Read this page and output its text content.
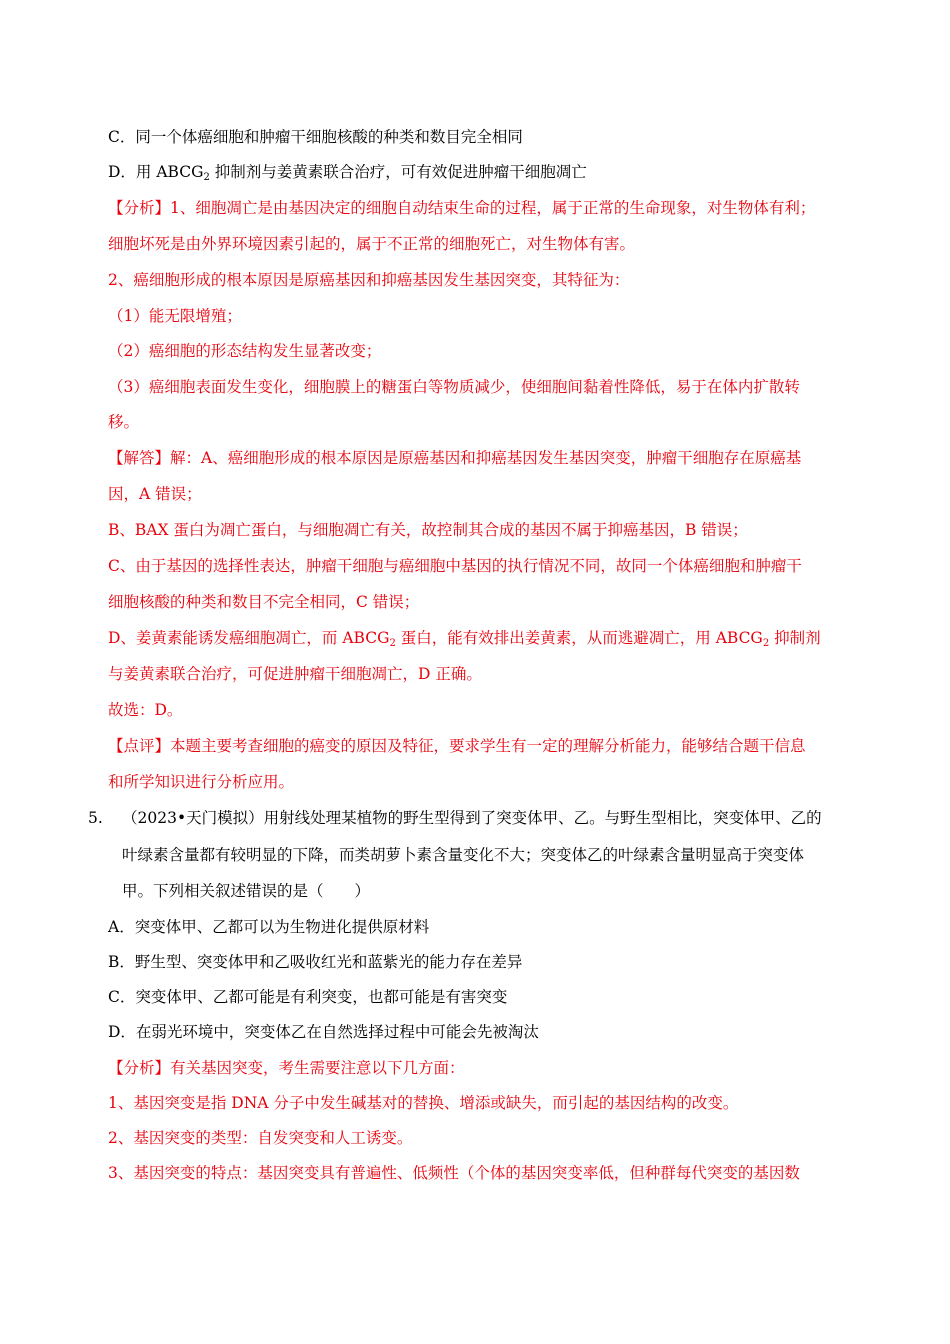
C．同一个体癌细胞和肿瘤干细胞核酸的种类和数目完全相同
D．用 $ABCG_2$ 抑制剂与姜黄素联合治疗，可有效促进肿瘤干细胞凋亡
【分析】1、细胞凋亡是由基因决定的细胞自动结束生命的过程，属于正常的生命现象，对生物体有利；
细胞坏死是由外界环境因素引起的，属于不正常的细胞死亡，对生物体有害。
2、癌细胞形成的根本原因是原癌基因和抑癌基因发生基因突变，其特征为：
（1）能无限增殖；
（2）癌细胞的形态结构发生显著改变；
（3）癌细胞表面发生变化，细胞膜上的糖蛋白等物质减少，使细胞间黏着性降低，易于在体内扩散转
移。
【解答】解：A、癌细胞形成的根本原因是原癌基因和抑癌基因发生基因突变，肿瘤干细胞存在原癌基
因，A 错误；
B、BAX 蛋白为凋亡蛋白，与细胞凋亡有关，故控制其合成的基因不属于抑癌基因，B 错误；
C、由于基因的选择性表达，肿瘤干细胞与癌细胞中基因的执行情况不同，故同一个体癌细胞和肿瘤干
细胞核酸的种类和数目不完全相同，C 错误；
D、姜黄素能诱发癌细胞凋亡，而 $ABCG_2$ 蛋白，能有效排出姜黄素，从而逃避凋亡，用 $ABCG_2$ 抑制剂
与姜黄素联合治疗，可促进肿瘤干细胞凋亡，D 正确。
故选：D。
【点评】本题主要考查细胞的癌变的原因及特征，要求学生有一定的理解分析能力，能够结合题干信息
和所学知识进行分析应用。
5. （2023•天门模拟）用射线处理某植物的野生型得到了突变体甲、乙。与野生型相比，突变体甲、乙的
叶绿素含量都有较明显的下降，而类胡萝卜素含量变化不大；突变体乙的叶绿素含量明显高于突变体
甲。下列相关叙述错误的是（　　）
A．突变体甲、乙都可以为生物进化提供原材料
B．野生型、突变体甲和乙吸收红光和蓝紫光的能力存在差异
C．突变体甲、乙都可能是有利突变，也都可能是有害突变
D．在弱光环境中，突变体乙在自然选择过程中可能会先被淘汰
【分析】有关基因突变，考生需要注意以下几方面：
1、基因突变是指 DNA 分子中发生碱基对的替换、增添或缺失，而引起的基因结构的改变。
2、基因突变的类型：自发突变和人工诱变。
3、基因突变的特点：基因突变具有普遍性、低频性（个体的基因突变率低，但种群每代突变的基因数
